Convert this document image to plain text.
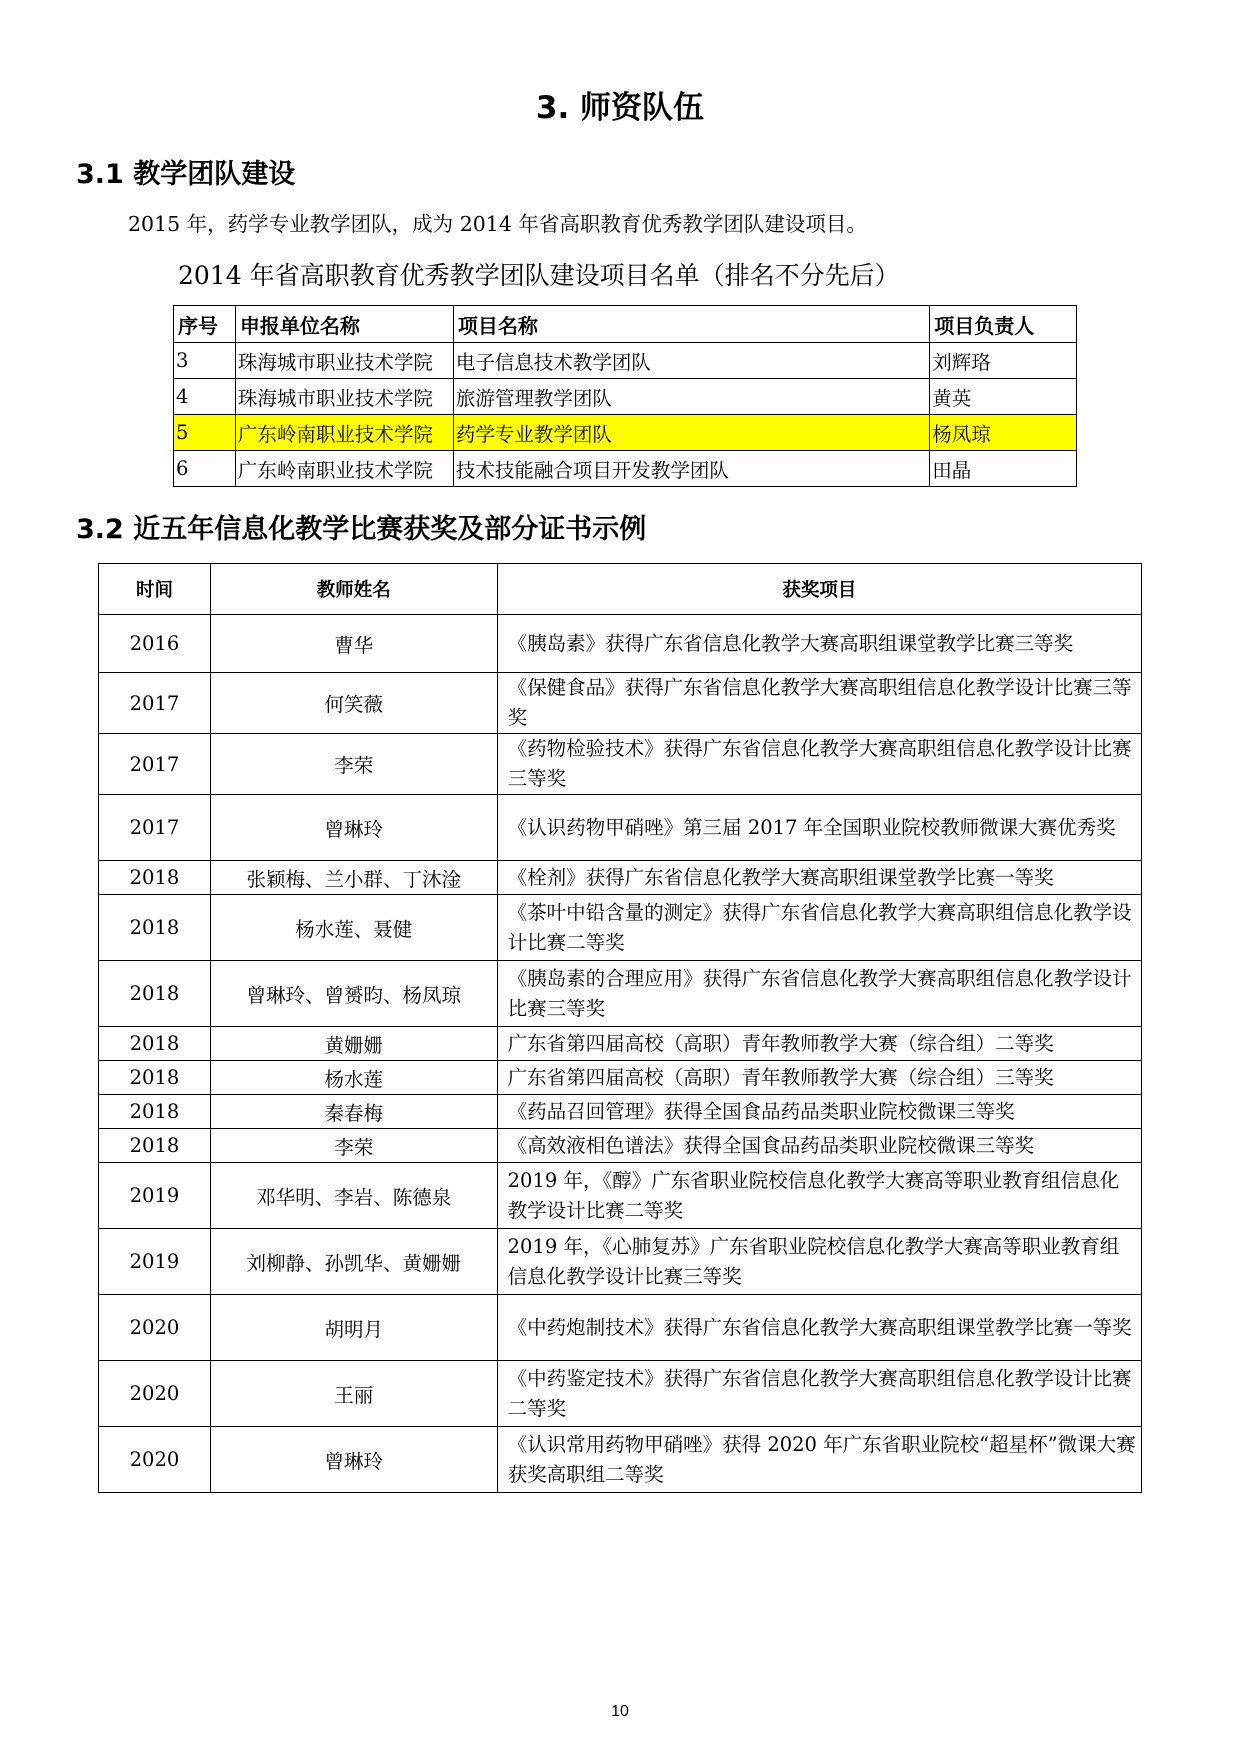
3. 师资队伍
3.1 教学团队建设

2015 年，药学专业教学团队，成为 2014 年省高职教育优秀教学团队建设项目。

2014 年省高职教育优秀教学团队建设项目名单（排名不分先后）

序号	申报单位名称	项目名称	项目负责人
3	珠海城市职业技术学院	电子信息技术教学团队	刘辉珞
4	珠海城市职业技术学院	旅游管理教学团队	黄英
5	广东岭南职业技术学院	药学专业教学团队	杨凤琼
6	广东岭南职业技术学院	技术技能融合项目开发教学团队	田晶
3.2 近五年信息化教学比赛获奖及部分证书示例
时间	教师姓名	获奖项目
2016	曹华	《胰岛素》获得广东省信息化教学大赛高职组课堂教学比赛三等奖
2017	何笑薇	《保健食品》获得广东省信息化教学大赛高职组信息化教学设计比赛三等奖
2017	李荣	《药物检验技术》获得广东省信息化教学大赛高职组信息化教学设计比赛三等奖
2017	曾琳玲	《认识药物甲硝唑》第三届 2017 年全国职业院校教师微课大赛优秀奖
2018	张颖梅、兰小群、丁沐淦	《栓剂》获得广东省信息化教学大赛高职组课堂教学比赛一等奖
2018	杨水莲、聂健	《茶叶中铅含量的测定》获得广东省信息化教学大赛高职组信息化教学设计比赛二等奖
2018	曾琳玲、曾赟昀、杨凤琼	《胰岛素的合理应用》获得广东省信息化教学大赛高职组信息化教学设计比赛三等奖
2018	黄姗姗	广东省第四届高校（高职）青年教师教学大赛（综合组）二等奖
2018	杨水莲	广东省第四届高校（高职）青年教师教学大赛（综合组）三等奖
2018	秦春梅	《药品召回管理》获得全国食品药品类职业院校微课三等奖
2018	李荣	《高效液相色谱法》获得全国食品药品类职业院校微课三等奖
2019	邓华明、李岩、陈德泉	2019 年，《醇》广东省职业院校信息化教学大赛高等职业教育组信息化教学设计比赛二等奖
2019	刘柳静、孙凯华、黄姗姗	2019 年，《心肺复苏》广东省职业院校信息化教学大赛高等职业教育组信息化教学设计比赛三等奖
2020	胡明月	《中药炮制技术》获得广东省信息化教学大赛高职组课堂教学比赛一等奖
2020	王丽	《中药鉴定技术》获得广东省信息化教学大赛高职组信息化教学设计比赛二等奖
2020	曾琳玲	《认识常用药物甲硝唑》获得 2020 年广东省职业院校“超星杯”微课大赛获奖高职组二等奖
10
